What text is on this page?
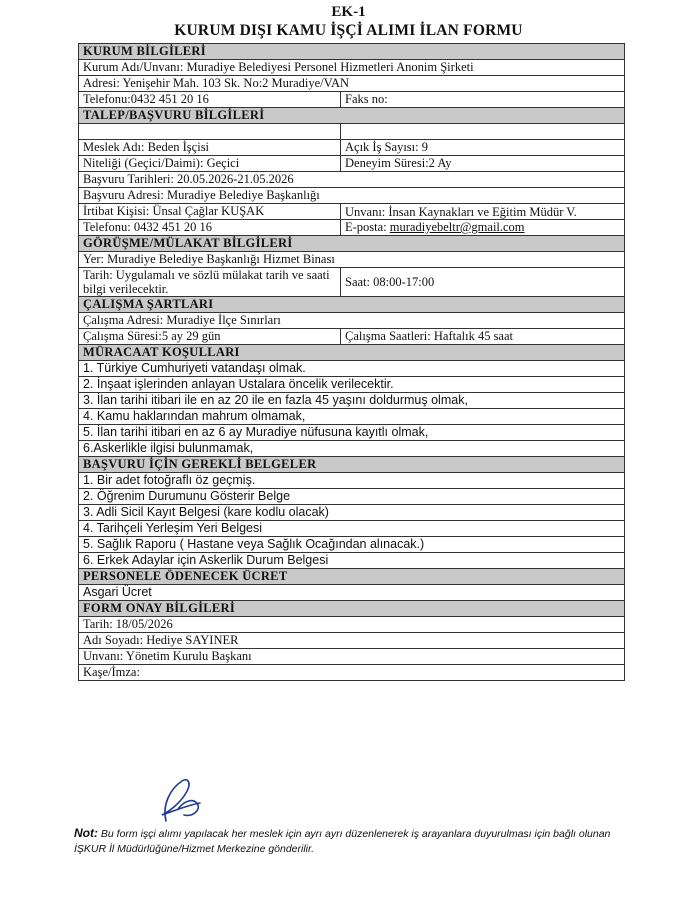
EK-1
KURUM DIŞI KAMU İŞÇİ ALIMI İLAN FORMU
KURUM BİLGİLERİ	
Kurum Adı/Unvanı: Muradiye Belediyesi Personel Hizmetleri Anonim Şirketi	
Adresi: Yenişehir Mah. 103 Sk. No:2 Muradiye/VAN	
Telefonu:0432 451 20 16	Faks no:
TALEP/BAŞVURU BİLGİLERİ	

Meslek Adı: Beden İşçisi	Açık İş Sayısı: 9
Niteliği (Geçici/Daimi): Geçici	Deneyim Süresi:2 Ay
Başvuru Tarihleri: 20.05.2026-21.05.2026	
Başvuru Adresi: Muradiye Belediye Başkanlığı	
İrtibat Kişisi: Ünsal Çağlar KUŞAK	Unvanı: İnsan Kaynakları ve Eğitim Müdür V.
Telefonu: 0432 451 20 16	E-posta: muradiyebeltr@gmail.com
GÖRÜŞME/MÜLAKAT BİLGİLERİ	
Yer: Muradiye Belediye Başkanlığı Hizmet Binası	
Tarih: Uygulamalı ve sözlü mülakat tarih ve saati bilgi verilecektir.	Saat: 08:00-17:00
ÇALIŞMA ŞARTLARI	
Çalışma Adresi: Muradiye İlçe Sınırları	
Çalışma Süresi:5 ay 29 gün	Çalışma Saatleri: Haftalık 45 saat
MÜRACAAT KOŞULLARI	
1. Türkiye Cumhuriyeti vatandaşı olmak.	
2. İnşaat işlerinden anlayan Ustalara öncelik verilecektir.	
3. İlan tarihi itibari ile en az 20 ile en fazla 45 yaşını doldurmuş olmak,	
4. Kamu haklarından mahrum olmamak,	
5. İlan tarihi itibari en az 6 ay Muradiye nüfusuna kayıtlı olmak,	
6.Askerlikle ilgisi bulunmamak,	
BAŞVURU İÇİN GEREKLİ BELGELER	
1. Bir adet fotoğraflı öz geçmiş.	
2. Öğrenim Durumunu Gösterir Belge	
3. Adli Sicil Kayıt Belgesi (kare kodlu olacak)	
4. Tarihçeli Yerleşim Yeri Belgesi	
5. Sağlık Raporu ( Hastane veya Sağlık Ocağından alınacak.)	
6. Erkek Adaylar için Askerlik Durum Belgesi	
PERSONELE ÖDENECEK ÜCRET	
Asgari Ücret	
FORM ONAY BİLGİLERİ	
Tarih: 18/05/2026	
Adı Soyadı: Hediye SAYINER	
Unvanı: Yönetim Kurulu Başkanı	
Kaşe/İmza:	
Not: Bu form işçi alımı yapılacak her meslek için ayrı ayrı düzenlenerek iş arayanlara duyurulması için bağlı olunan İŞKUR İl Müdürlüğüne/Hizmet Merkezine gönderilir.
